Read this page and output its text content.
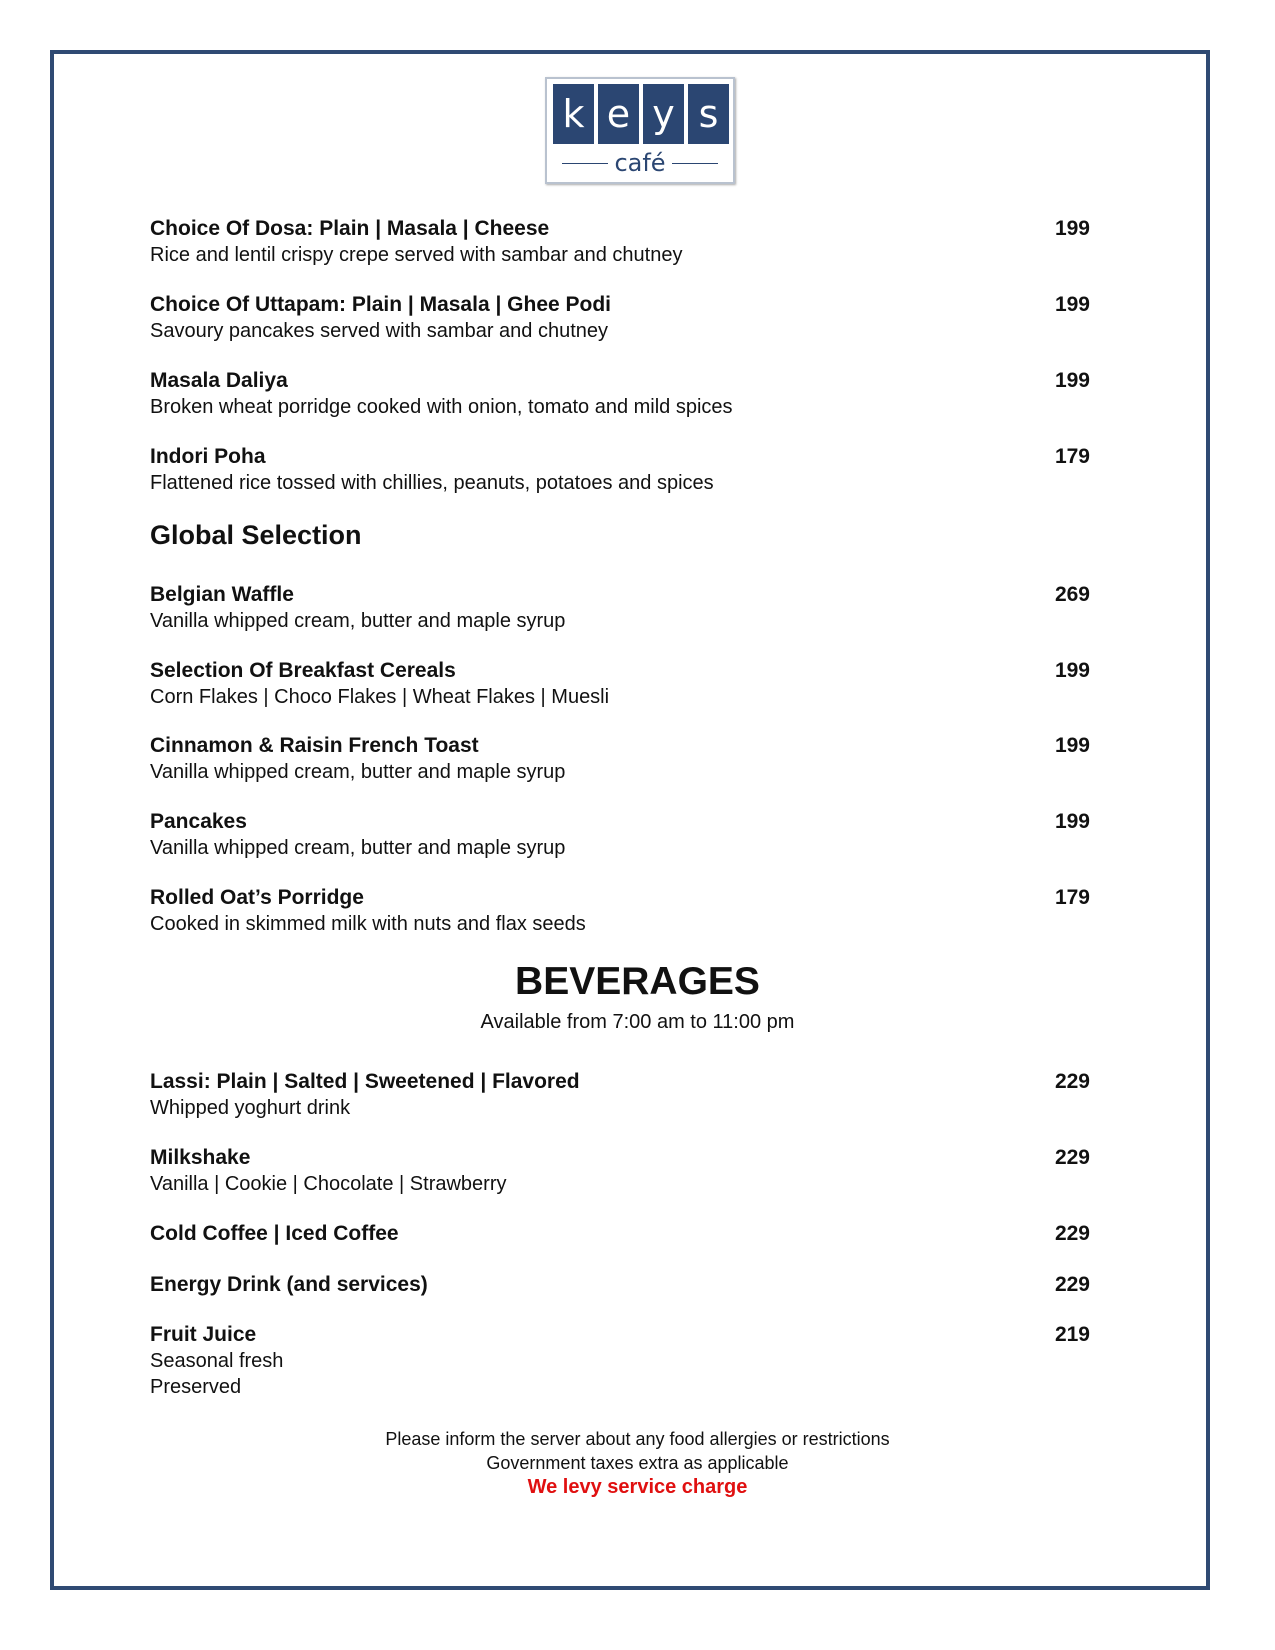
k e y s
café
Choice Of Dosa: Plain | Masala | Cheese	199
Rice and lentil crispy crepe served with sambar and chutney
Choice Of Uttapam: Plain | Masala | Ghee Podi	199
Savoury pancakes served with sambar and chutney
Masala Daliya	199
Broken wheat porridge cooked with onion, tomato and mild spices
Indori Poha	179
Flattened rice tossed with chillies, peanuts, potatoes and spices
Global Selection
Belgian Waffle	269
Vanilla whipped cream, butter and maple syrup
Selection Of Breakfast Cereals	199
Corn Flakes | Choco Flakes | Wheat Flakes | Muesli
Cinnamon & Raisin French Toast	199
Vanilla whipped cream, butter and maple syrup
Pancakes	199
Vanilla whipped cream, butter and maple syrup
Rolled Oat’s Porridge	179
Cooked in skimmed milk with nuts and flax seeds
BEVERAGES
Available from 7:00 am to 11:00 pm
Lassi: Plain | Salted | Sweetened | Flavored	229
Whipped yoghurt drink
Milkshake	229
Vanilla | Cookie | Chocolate | Strawberry
Cold Coffee | Iced Coffee	229
Energy Drink (and services)	229
Fruit Juice	219
Seasonal fresh
Preserved
Please inform the server about any food allergies or restrictions
Government taxes extra as applicable
We levy service charge
